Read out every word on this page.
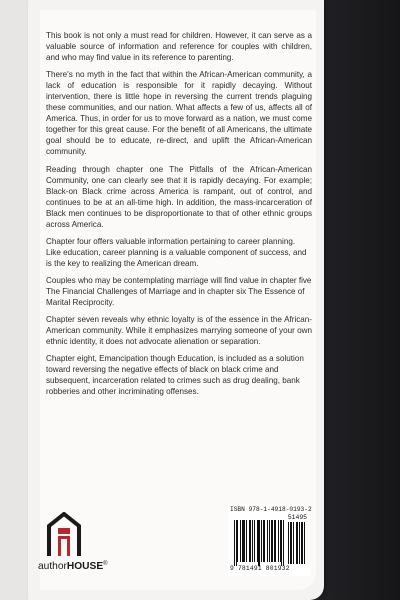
This book is not only a must read for children. However, it can serve as a valuable source of information and reference for couples with children, and who may find value in its reference to parenting.

There's no myth in the fact that within the African-American community, a lack of education is responsible for it rapidly decaying. Without intervention, there is little hope in reversing the current trends plaguing these communities, and our nation. What affects a few of us, affects all of America. Thus, in order for us to move forward as a nation, we must come together for this great cause. For the benefit of all Americans, the ultimate goal should be to educate, re-direct, and uplift the African-American community.

Reading through chapter one The Pitfalls of the African-American Community, one can clearly see that it is rapidly decaying. For example; Black-on Black crime across America is rampant, out of control, and continues to be at an all-time high. In addition, the mass-incarceration of Black men continues to be disproportionate to that of other ethnic groups across America.

Chapter four offers valuable information pertaining to career planning. Like education, career planning is a valuable component of success, and is the key to realizing the American dream.

Couples who may be contemplating marriage will find value in chapter five The Financial Challenges of Marriage and in chapter six The Essence of Marital Reciprocity.

Chapter seven reveals why ethnic loyalty is of the essence in the African-American community. While it emphasizes marrying someone of your own ethnic identity, it does not advocate alienation or separation.

Chapter eight, Emancipation though Education, is included as a solution toward reversing the negative effects of black on black crime and subsequent, incarceration related to crimes such as drug dealing, bank robberies and other incriminating offenses.

authorHOUSE®
ISBN 978-1-4918-0193-2
51495
9 781491 801932
